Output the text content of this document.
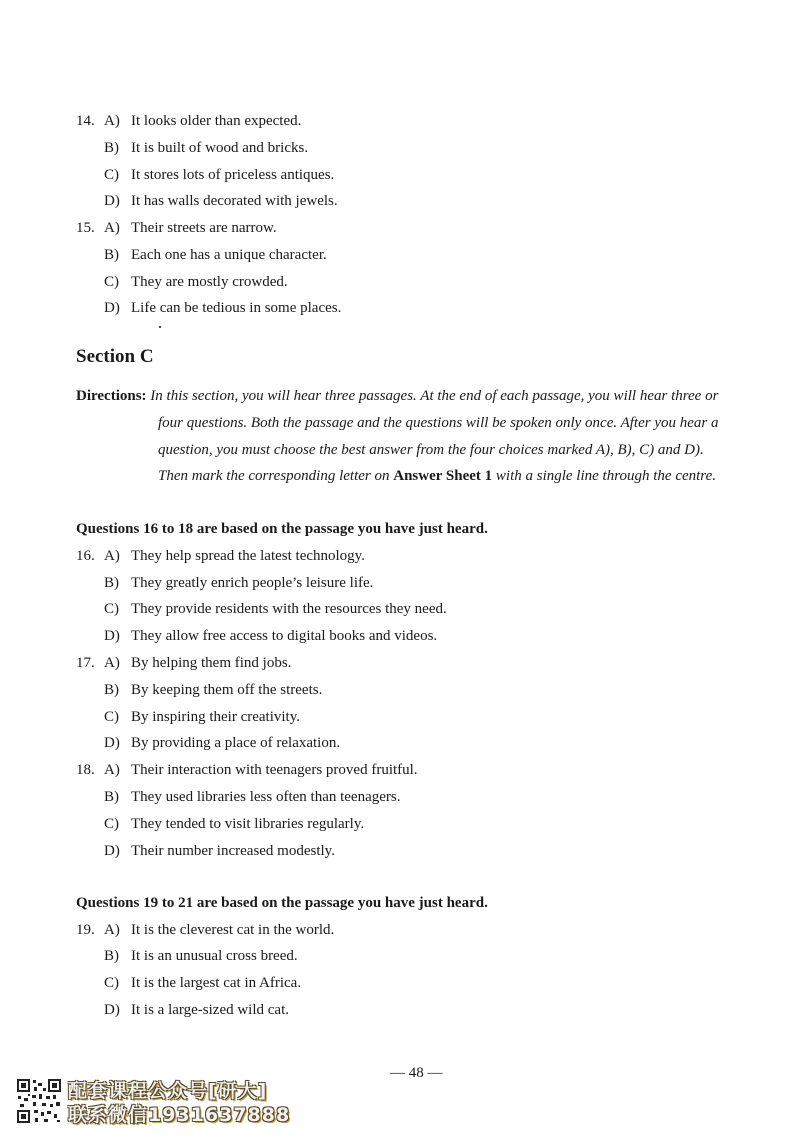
14. A) It looks older than expected.
B) It is built of wood and bricks.
C) It stores lots of priceless antiques.
D) It has walls decorated with jewels.
15. A) Their streets are narrow.
B) Each one has a unique character.
C) They are mostly crowded.
D) Life can be tedious in some places.
Section C
Directions: In this section, you will hear three passages. At the end of each passage, you will hear three or
four questions. Both the passage and the questions will be spoken only once. After you hear a
question, you must choose the best answer from the four choices marked A), B), C) and D).
Then mark the corresponding letter on Answer Sheet 1 with a single line through the centre.
Questions 16 to 18 are based on the passage you have just heard.
16. A) They help spread the latest technology.
B) They greatly enrich people’s leisure life.
C) They provide residents with the resources they need.
D) They allow free access to digital books and videos.
17. A) By helping them find jobs.
B) By keeping them off the streets.
C) By inspiring their creativity.
D) By providing a place of relaxation.
18. A) Their interaction with teenagers proved fruitful.
B) They used libraries less often than teenagers.
C) They tended to visit libraries regularly.
D) Their number increased modestly.
Questions 19 to 21 are based on the passage you have just heard.
19. A) It is the cleverest cat in the world.
B) It is an unusual cross breed.
C) It is the largest cat in Africa.
D) It is a large-sized wild cat.
— 48 —
配套课程公众号[研大]
联系微信1931637888
